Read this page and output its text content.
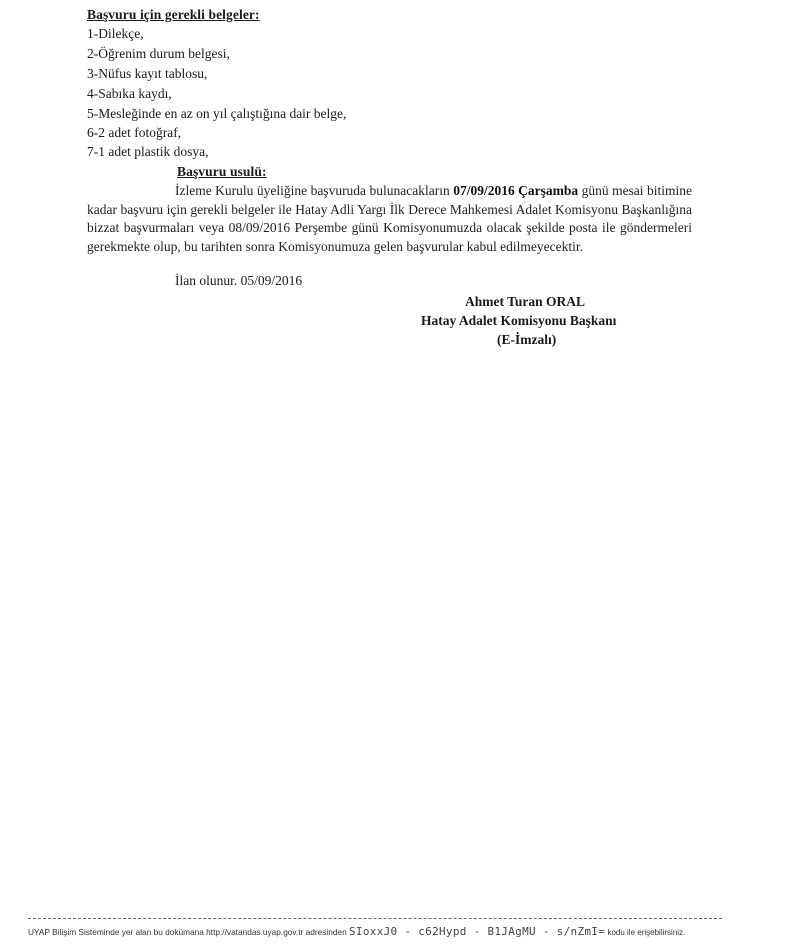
Başvuru için gerekli belgeler:
1-Dilekçe,
2-Öğrenim durum belgesi,
3-Nüfus kayıt tablosu,
4-Sabıka kaydı,
5-Mesleğinde en az on yıl çalıştığına dair belge,
6-2 adet fotoğraf,
7-1 adet plastik dosya,
Başvuru usulü:

İzleme Kurulu üyeliğine başvuruda bulunacakların 07/09/2016 Çarşamba günü mesai bitimine kadar başvuru için gerekli belgeler ile Hatay Adli Yargı İlk Derece Mahkemesi Adalet Komisyonu Başkanlığına bizzat başvurmaları veya 08/09/2016 Perşembe günü Komisyonumuzda olacak şekilde posta ile göndermeleri gerekmekte olup, bu tarihten sonra Komisyonumuza gelen başvurular kabul edilmeyecektir.

İlan olunur. 05/09/2016
Ahmet Turan ORAL
Hatay Adalet Komisyonu Başkanı
(E-İmzalı)
UYAP Bilişim Sisteminde yer alan bu dokümana http://vatandas.uyap.gov.tr adresinden SIoxxJ0 - c62Hypd - B1JAgMU - s/nZmI= kodu ile erişebilirsiniz.
